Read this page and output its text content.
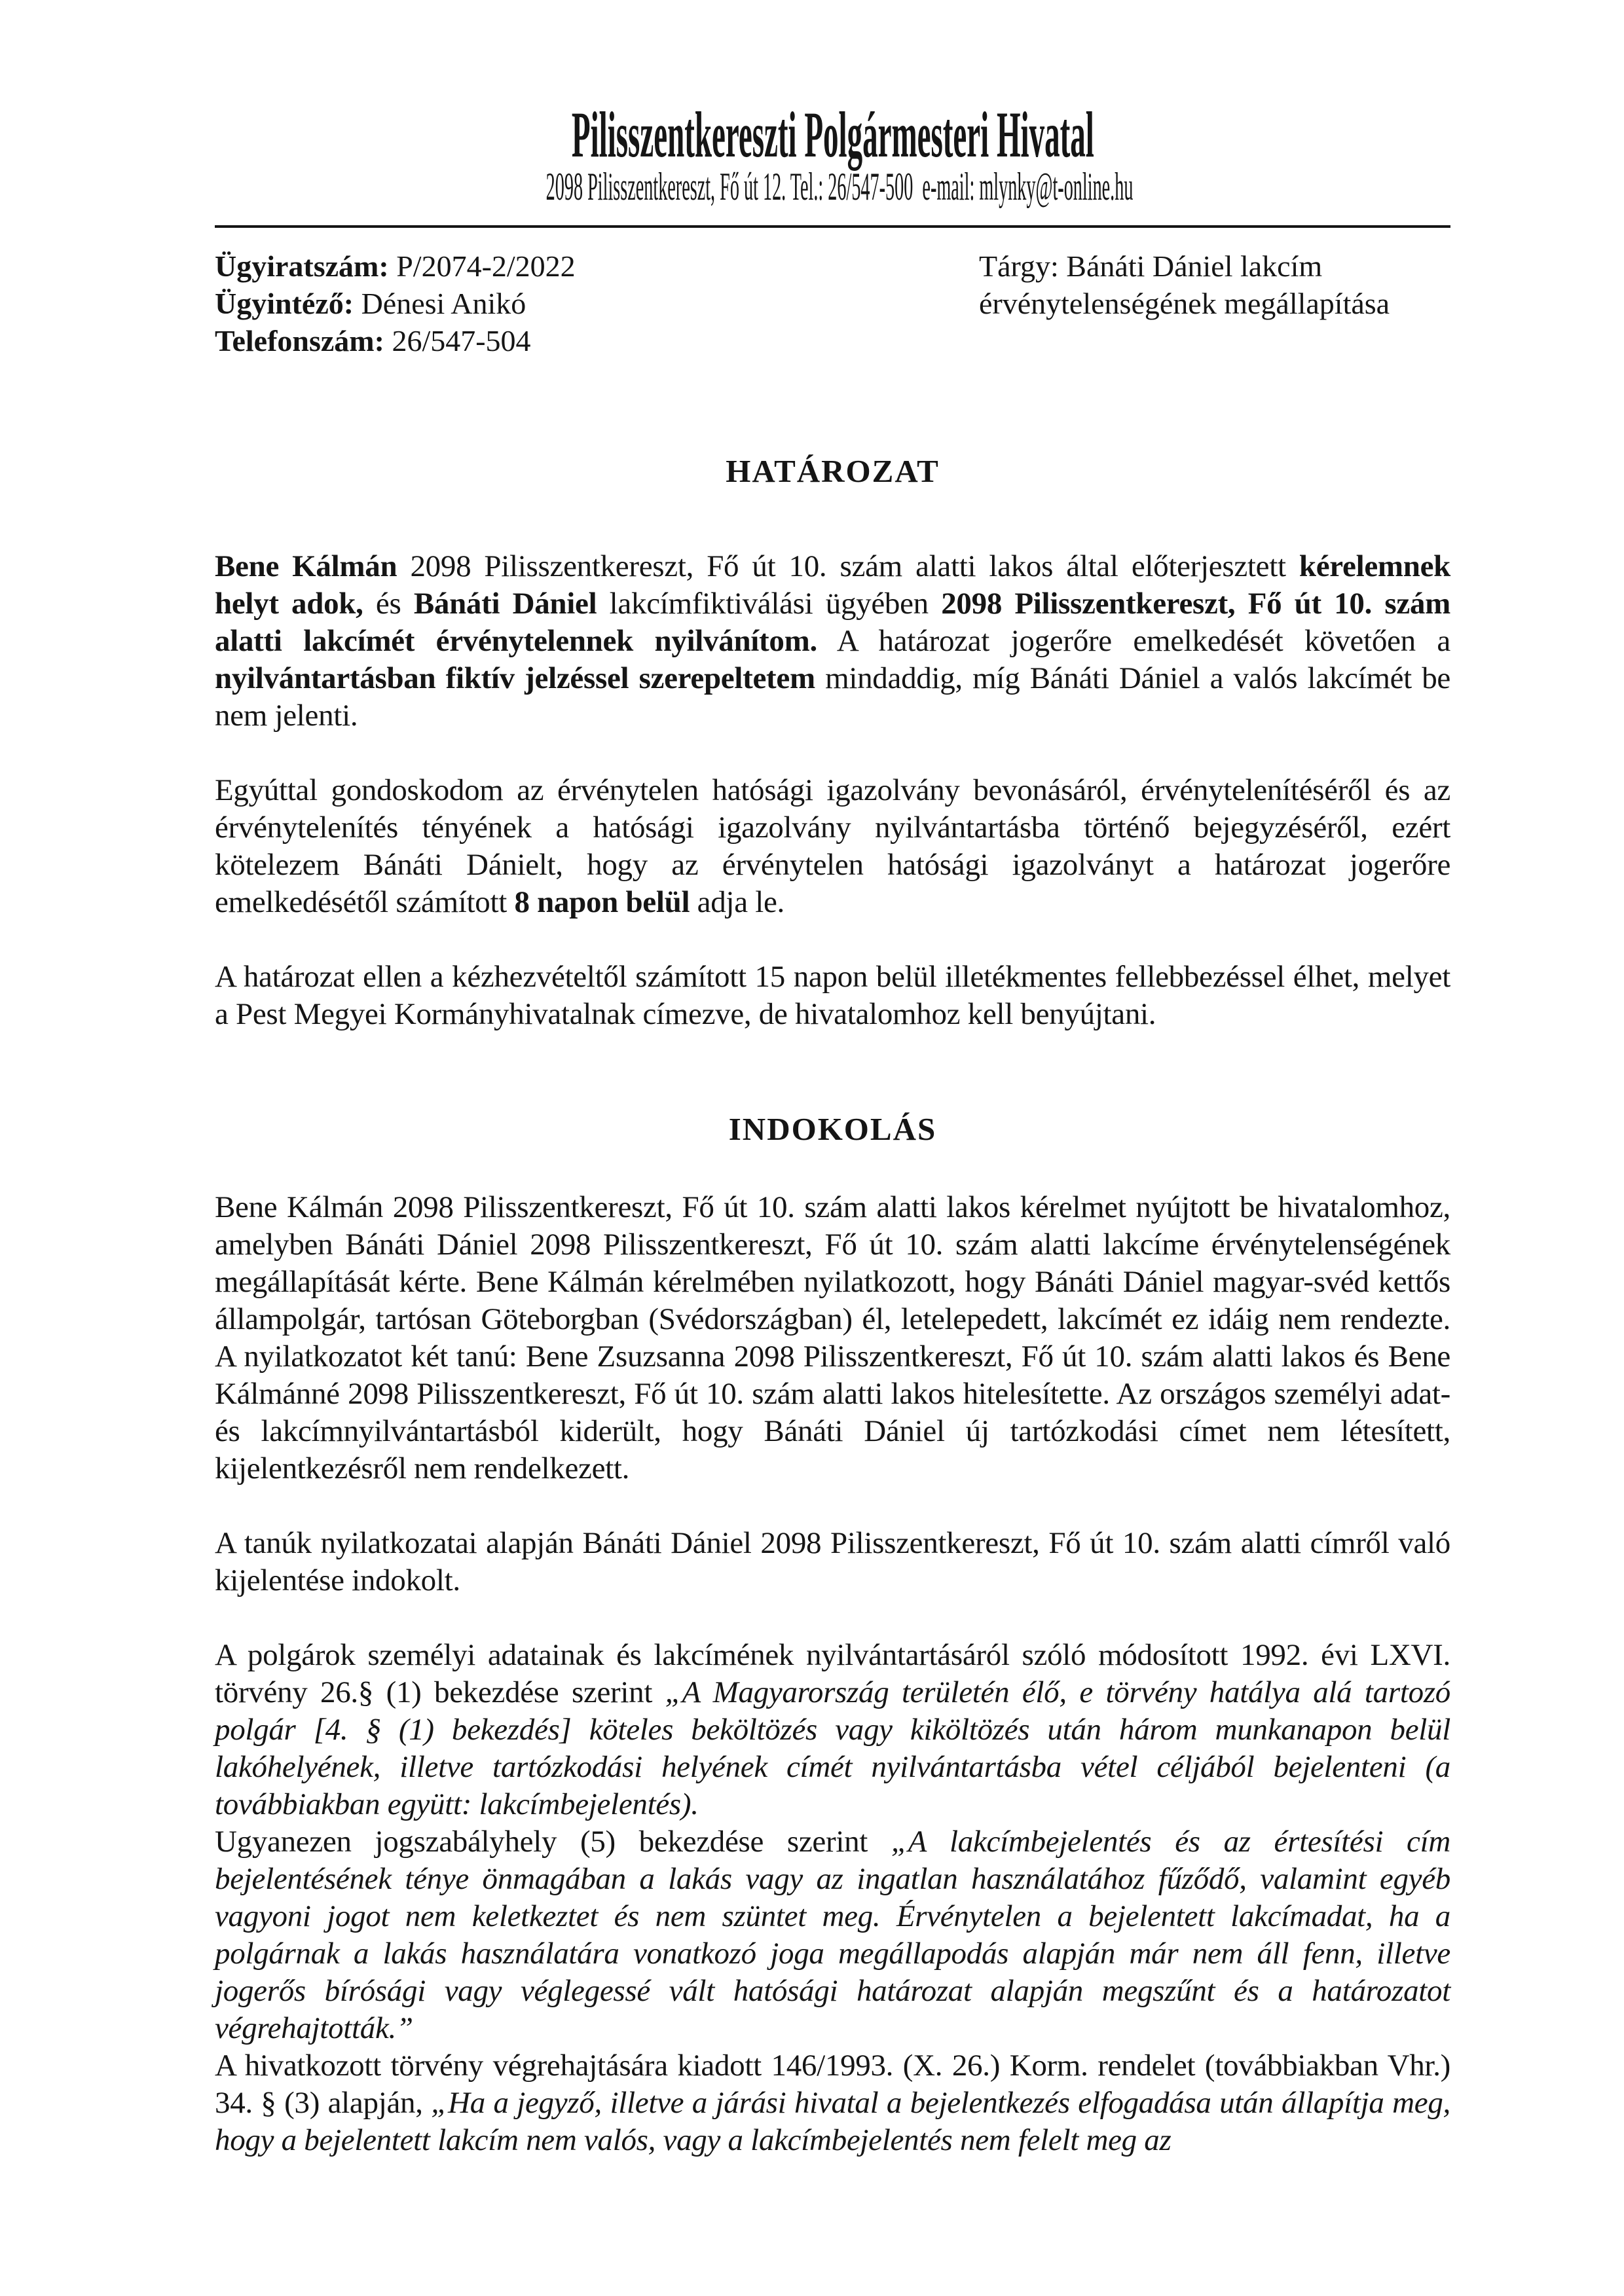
Pilisszentkereszti Polgármesteri Hivatal
2098 Pilisszentkereszt, Fő út 12. Tel.: 26/547-500  e-mail: mlynky@t-online.hu
Ügyiratszám: P/2074-2/2022
Ügyintéző: Dénesi Anikó
Telefonszám: 26/547-504
Tárgy: Bánáti Dániel lakcím érvénytelenségének megállapítása
HATÁROZAT

Bene Kálmán 2098 Pilisszentkereszt, Fő út 10. szám alatti lakos által előterjesztett kérelemnek helyt adok, és Bánáti Dániel lakcímfiktiválási ügyében 2098 Pilisszentkereszt, Fő út 10. szám alatti lakcímét érvénytelennek nyilvánítom. A határozat jogerőre emelkedését követően a nyilvántartásban fiktív jelzéssel szerepeltetem mindaddig, míg Bánáti Dániel a valós lakcímét be nem jelenti.

Egyúttal gondoskodom az érvénytelen hatósági igazolvány bevonásáról, érvénytelenítéséről és az érvénytelenítés tényének a hatósági igazolvány nyilvántartásba történő bejegyzéséről, ezért kötelezem Bánáti Dánielt, hogy az érvénytelen hatósági igazolványt a határozat jogerőre emelkedésétől számított 8 napon belül adja le.

A határozat ellen a kézhezvételtől számított 15 napon belül illetékmentes fellebbezéssel élhet, melyet a Pest Megyei Kormányhivatalnak címezve, de hivatalomhoz kell benyújtani.

INDOKOLÁS

Bene Kálmán 2098 Pilisszentkereszt, Fő út 10. szám alatti lakos kérelmet nyújtott be hivatalomhoz, amelyben Bánáti Dániel 2098 Pilisszentkereszt, Fő út 10. szám alatti lakcíme érvénytelenségének megállapítását kérte. Bene Kálmán kérelmében nyilatkozott, hogy Bánáti Dániel magyar-svéd kettős állampolgár, tartósan Göteborgban (Svédországban) él, letelepedett, lakcímét ez idáig nem rendezte. A nyilatkozatot két tanú: Bene Zsuzsanna 2098 Pilisszentkereszt, Fő út 10. szám alatti lakos és Bene Kálmánné 2098 Pilisszentkereszt, Fő út 10. szám alatti lakos hitelesítette. Az országos személyi adat- és lakcímnyilvántartásból kiderült, hogy Bánáti Dániel új tartózkodási címet nem létesített, kijelentkezésről nem rendelkezett.

A tanúk nyilatkozatai alapján Bánáti Dániel 2098 Pilisszentkereszt, Fő út 10. szám alatti címről való kijelentése indokolt.

A polgárok személyi adatainak és lakcímének nyilvántartásáról szóló módosított 1992. évi LXVI. törvény 26.§ (1) bekezdése szerint „A Magyarország területén élő, e törvény hatálya alá tartozó polgár [4. § (1) bekezdés] köteles beköltözés vagy kiköltözés után három munkanapon belül lakóhelyének, illetve tartózkodási helyének címét nyilvántartásba vétel céljából bejelenteni (a továbbiakban együtt: lakcímbejelentés).

Ugyanezen jogszabályhely (5) bekezdése szerint „A lakcímbejelentés és az értesítési cím bejelentésének ténye önmagában a lakás vagy az ingatlan használatához fűződő, valamint egyéb vagyoni jogot nem keletkeztet és nem szüntet meg. Érvénytelen a bejelentett lakcímadat, ha a polgárnak a lakás használatára vonatkozó joga megállapodás alapján már nem áll fenn, illetve jogerős bírósági vagy véglegessé vált hatósági határozat alapján megszűnt és a határozatot végrehajtották.”

A hivatkozott törvény végrehajtására kiadott 146/1993. (X. 26.) Korm. rendelet (továbbiakban Vhr.) 34. § (3) alapján, „Ha a jegyző, illetve a járási hivatal a bejelentkezés elfogadása után állapítja meg, hogy a bejelentett lakcím nem valós, vagy a lakcímbejelentés nem felelt meg az
